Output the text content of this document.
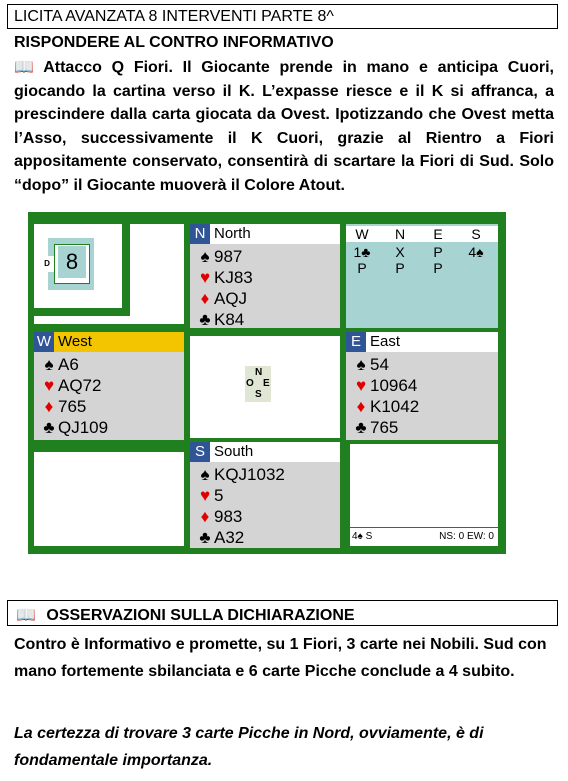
LICITA AVANZATA 8 INTERVENTI PARTE 8^
RISPONDERE AL CONTRO INFORMATIVO
📖 Attacco Q Fiori. Il Giocante prende in mano e anticipa Cuori, giocando la cartina verso il K. L’expasse riesce e il K si affranca, a prescindere dalla carta giocata da Ovest. Ipotizzando che Ovest metta l’Asso, successivamente il K Cuori, grazie al Rientro a Fiori appositamente conservato, consentirà di scartare la Fiori di Sud. Solo “dopo” il Giocante muoverà il Colore Atout.
D 8
N North
♠ 987
♥ KJ83
♦ AQJ
♣ K84
W	N	E	S
1♣	X	P	4♠
P	P	P
W West
♠ A6
♥ AQ72
♦ 765
♣ QJ109
N
O E
S
E East
♠ 54
♥ 10964
♦ K1042
♣ 765
S South
♠ KQJ1032
♥ 5
♦ 983
♣ A32	4♠ S	NS: 0 EW: 0
📖 OSSERVAZIONI SULLA DICHIARAZIONE
Contro è Informativo e promette, su 1 Fiori, 3 carte nei Nobili. Sud con mano fortemente sbilanciata e 6 carte Picche conclude a 4 subito.
La certezza di trovare 3 carte Picche in Nord, ovviamente, è di fondamentale importanza.
